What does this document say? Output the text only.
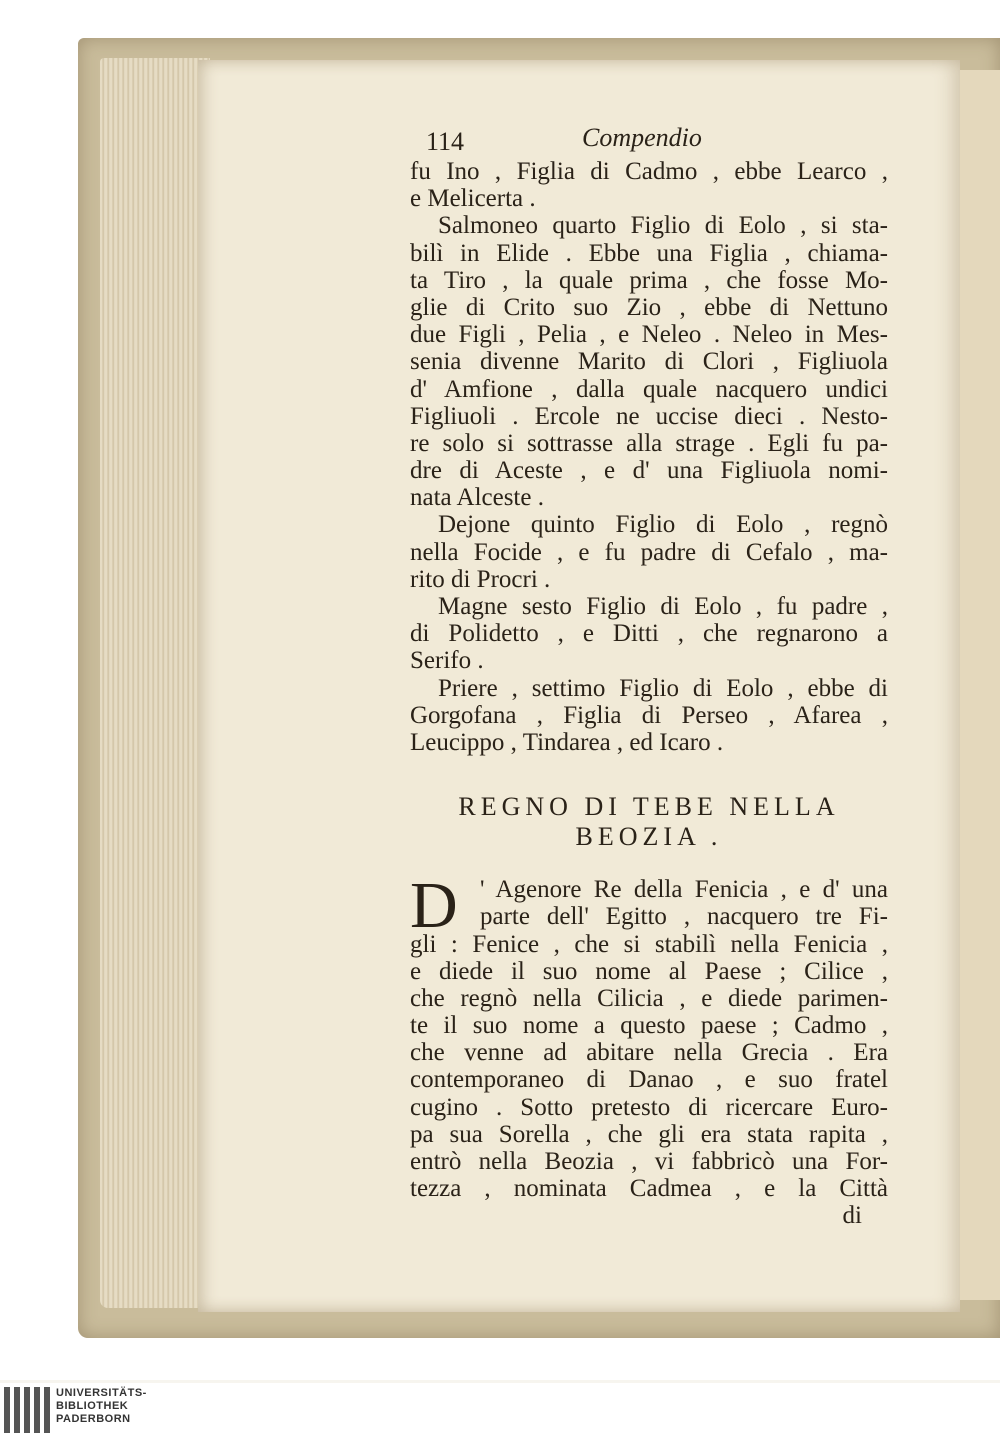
114	Compendio
fu Ino , Figlia di Cadmo , ebbe Learco ,
e Melicerta .
Salmoneo quarto Figlio di Eolo , si sta-
bilì in Elide . Ebbe una Figlia , chiama-
ta Tiro , la quale prima , che fosse Mo-
glie di Crito suo Zio , ebbe di Nettuno
due Figli , Pelia , e Neleo . Neleo in Mes-
senia divenne Marito di Clori , Figliuola
d' Amfione , dalla quale nacquero undici
Figliuoli . Ercole ne uccise dieci . Nesto-
re solo si sottrasse alla strage . Egli fu pa-
dre di Aceste , e d' una Figliuola nomi-
nata Alceste .
Dejone quinto Figlio di Eolo , regnò
nella Focide , e fu padre di Cefalo , ma-
rito di Procri .
Magne sesto Figlio di Eolo , fu padre ,
di Polidetto , e Ditti , che regnarono a
Serifo .
Priere , settimo Figlio di Eolo , ebbe di
Gorgofana , Figlia di Perseo , Afarea ,
Leucippo , Tindarea , ed Icaro .
REGNO DI TEBE NELLA
BEOZIA .
D ' Agenore Re della Fenicia , e d' una
parte dell' Egitto , nacquero tre Fi-
gli : Fenice , che si stabilì nella Fenicia ,
e diede il suo nome al Paese ; Cilice ,
che regnò nella Cilicia , e diede parimen-
te il suo nome a questo paese ; Cadmo ,
che venne ad abitare nella Grecia . Era
contemporaneo di Danao , e suo fratel
cugino . Sotto pretesto di ricercare Euro-
pa sua Sorella , che gli era stata rapita ,
entrò nella Beozia , vi fabbricò una For-
tezza , nominata Cadmea , e la Città
di
UNIVERSITÄTS-
BIBLIOTHEK
PADERBORN
